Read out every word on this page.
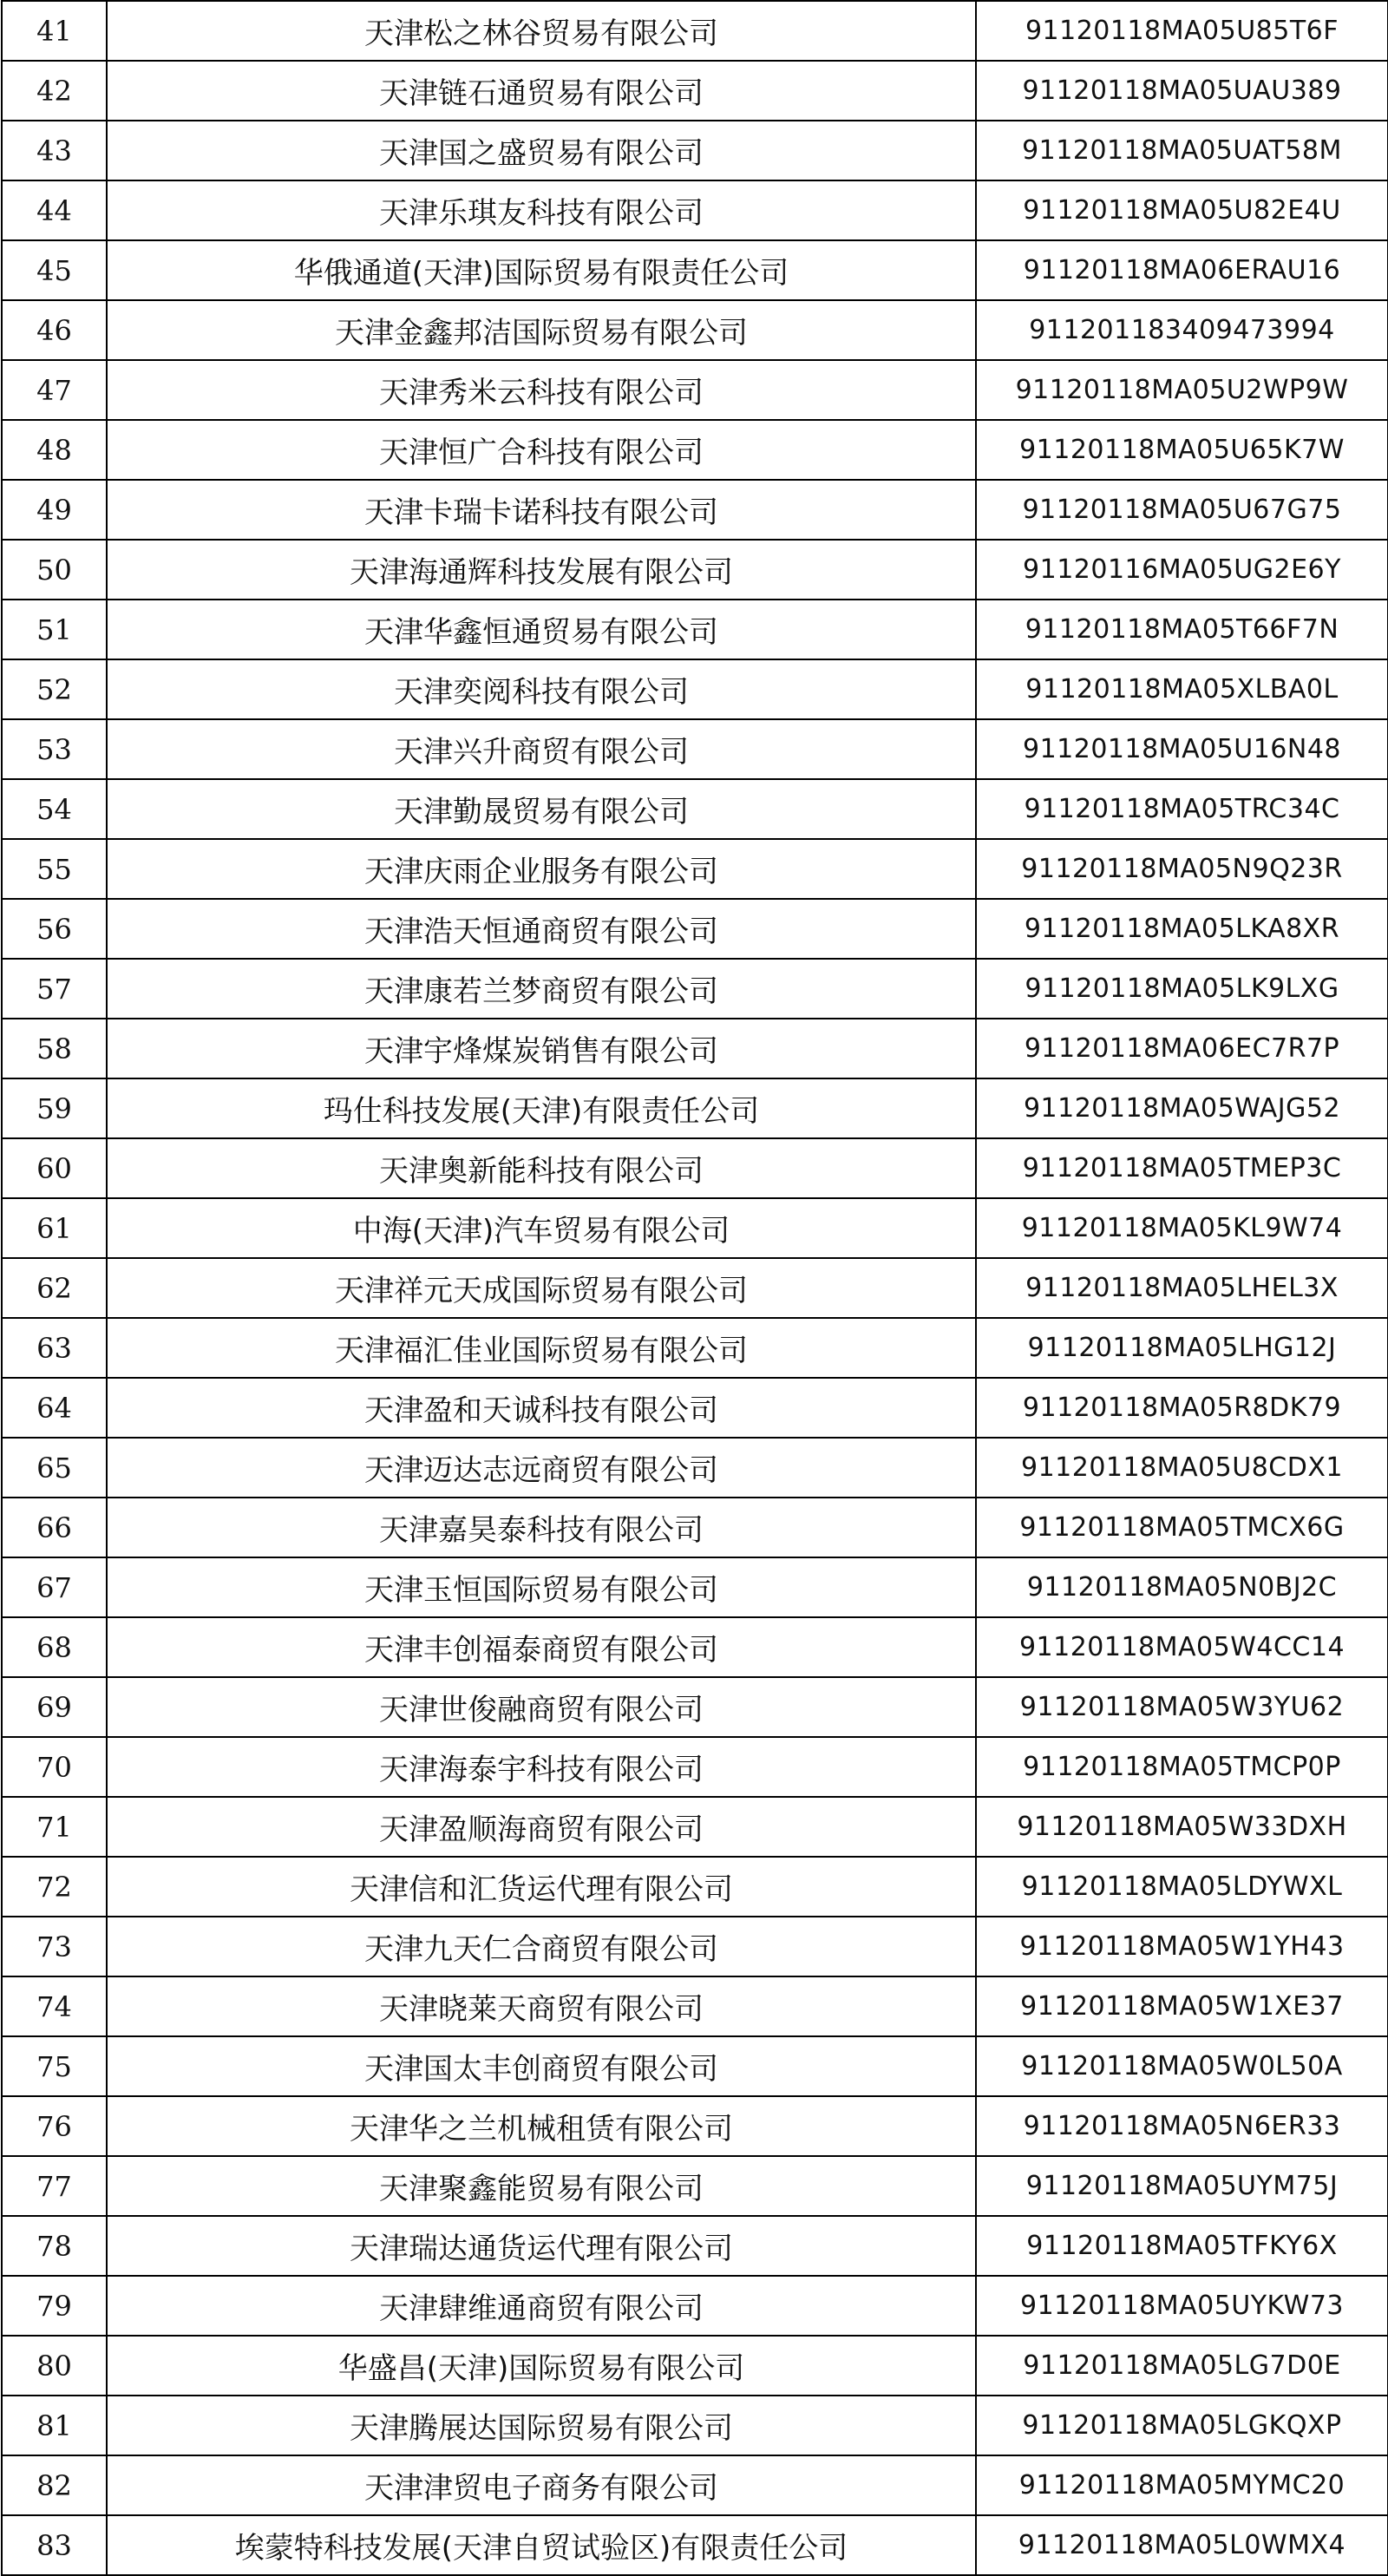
41	天津松之林谷贸易有限公司	91120118MA05U85T6F
42	天津链石通贸易有限公司	91120118MA05UAU389
43	天津国之盛贸易有限公司	91120118MA05UAT58M
44	天津乐琪友科技有限公司	91120118MA05U82E4U
45	华俄通道(天津)国际贸易有限责任公司	91120118MA06ERAU16
46	天津金鑫邦洁国际贸易有限公司	911201183409473994
47	天津秀米云科技有限公司	91120118MA05U2WP9W
48	天津恒广合科技有限公司	91120118MA05U65K7W
49	天津卡瑞卡诺科技有限公司	91120118MA05U67G75
50	天津海通辉科技发展有限公司	91120116MA05UG2E6Y
51	天津华鑫恒通贸易有限公司	91120118MA05T66F7N
52	天津奕阅科技有限公司	91120118MA05XLBA0L
53	天津兴升商贸有限公司	91120118MA05U16N48
54	天津勤晟贸易有限公司	91120118MA05TRC34C
55	天津庆雨企业服务有限公司	91120118MA05N9Q23R
56	天津浩天恒通商贸有限公司	91120118MA05LKA8XR
57	天津康若兰梦商贸有限公司	91120118MA05LK9LXG
58	天津宇烽煤炭销售有限公司	91120118MA06EC7R7P
59	玛仕科技发展(天津)有限责任公司	91120118MA05WAJG52
60	天津奥新能科技有限公司	91120118MA05TMEP3C
61	中海(天津)汽车贸易有限公司	91120118MA05KL9W74
62	天津祥元天成国际贸易有限公司	91120118MA05LHEL3X
63	天津福汇佳业国际贸易有限公司	91120118MA05LHG12J
64	天津盈和天诚科技有限公司	91120118MA05R8DK79
65	天津迈达志远商贸有限公司	91120118MA05U8CDX1
66	天津嘉昊泰科技有限公司	91120118MA05TMCX6G
67	天津玉恒国际贸易有限公司	91120118MA05N0BJ2C
68	天津丰创福泰商贸有限公司	91120118MA05W4CC14
69	天津世俊融商贸有限公司	91120118MA05W3YU62
70	天津海泰宇科技有限公司	91120118MA05TMCP0P
71	天津盈顺海商贸有限公司	91120118MA05W33DXH
72	天津信和汇货运代理有限公司	91120118MA05LDYWXL
73	天津九天仁合商贸有限公司	91120118MA05W1YH43
74	天津晓莱天商贸有限公司	91120118MA05W1XE37
75	天津国太丰创商贸有限公司	91120118MA05W0L50A
76	天津华之兰机械租赁有限公司	91120118MA05N6ER33
77	天津聚鑫能贸易有限公司	91120118MA05UYM75J
78	天津瑞达通货运代理有限公司	91120118MA05TFKY6X
79	天津肆维通商贸有限公司	91120118MA05UYKW73
80	华盛昌(天津)国际贸易有限公司	91120118MA05LG7D0E
81	天津腾展达国际贸易有限公司	91120118MA05LGKQXP
82	天津津贸电子商务有限公司	91120118MA05MYMC20
83	埃蒙特科技发展(天津自贸试验区)有限责任公司	91120118MA05L0WMX4
